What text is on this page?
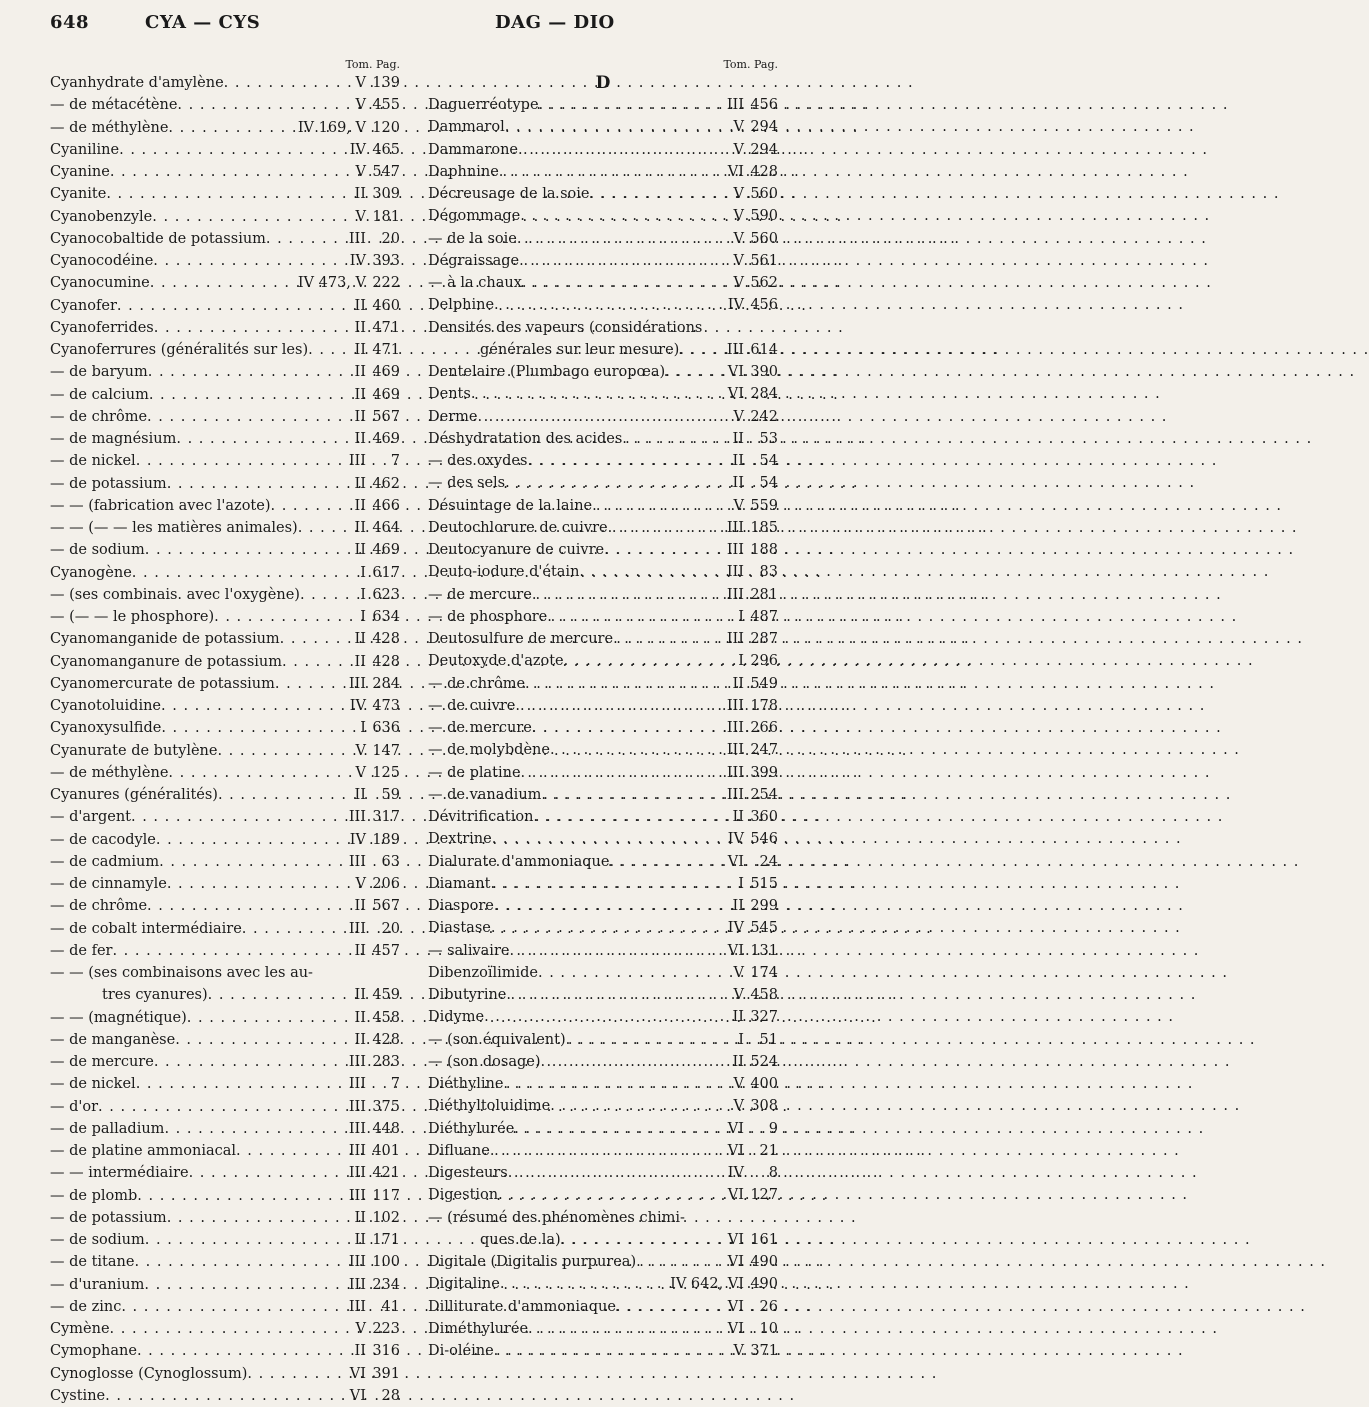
648	CYA — CYS	DAG — DIO
Tom. Pag.
Cyanhydrate d'amylène . . .	V 139
— de métacétène . . .	V 455
— de méthylène . . .	IV 169, V 120
Cyaniline . . .	IV 465
Cyanine . . .	V 547
Cyanite . . .	II 309
Cyanobenzyle . . .	V 181
Cyanocobaltide de potassium . . .	III	20
Cyanocodéine . . .	IV 393
Cyanocumine . . .	IV 473, V 222
Cyanofer . . .	II 460
Cyanoferrides . . .	II 471
Cyanoferrures (généralités sur les) . . .	II 471
— de baryum . . .	II 469
— de calcium . . .	II 469
— de chrôme . . .	II 567
— de magnésium . . .	II 469
— de nickel . . .	III	7
— de potassium . . .	II 462
— — (fabrication avec l'azote) . . .	II 466
— — (— — les matières animales) . . .	II 464
— de sodium . . .	II 469
Cyanogène . . .	I 617
— (ses combinais. avec l'oxygène) . . .	I 623
— (— — le phosphore) . . .	I 634
Cyanomanganide de potassium . . .	II 428
Cyanomanganure de potassium . . .	II 428
Cyanomercurate de potassium . . .	III 284
Cyanotoluidine . . .	IV 473
Cyanoxysulfide . . .	I 636
Cyanurate de butylène . . .	V 147
— de méthylène . . .	V 125
Cyanures (généralités) . . .	II	59
— d'argent . . .	III 317
— de cacodyle . . .	IV 189
— de cadmium . . .	III	63
— de cinnamyle . . .	V 206
— de chrôme . . .	II 567
— de cobalt intermédiaire . . .	III	20
— de fer . . .	II 457
— — (ses combinaisons avec les au-
tres cyanures) . . .	II 459
— — (magnétique) . . .	II 458
— de manganèse . . .	II 428
— de mercure . . .	III 283
— de nickel . . .	III	7
— d'or . . .	III 375
— de palladium . . .	III 448
— de platine ammoniacal . . .	III 401
— — intermédiaire . . .	III 421
— de plomb . . .	III 117
— de potassium . . .	II 102
— de sodium . . .	II 171
— de titane . . .	III 100
— d'uranium . . .	III 234
— de zinc . . .	III	41
Cymène . . .	V 223
Cymophane . . .	II 316
Cynoglosse (Cynoglossum) . . .	VI 391
Cystine . . .	VI	28
Tom. Pag.
D
Daguerréotype . . .	III 456
Dammarol . . .	V 294
Dammarone . . .	V 294
Daphnine . . .	VI 428
Décreusage de la soie . . .	V 560
Dégommage . . .	V 590
— de la soie . . .	V 560
Dégraissage . . .	V 561
— à la chaux . . .	V 562
Delphine . . .	IV 456
Densités des vapeurs (considérations
générales sur leur mesure) . . .	III 614
Dentelaire (Plumbago europœa) . . .	VI 390
Dents . . .	VI 284
Derme . . .	V 242
Déshydratation des acides . . .	II	53
— des oxydes . . .	II	54
— des sels . . .	II	54
Désuintage de la laine . . .	V 559
Deutochlorure de cuivre . . .	III 185
Deutocyanure de cuivre . . .	III 188
Deuto-iodure d'étain . . .	III	83
— de mercure . . .	III 281
— de phosphore . . .	I 487
Deutosulfure de mercure . . .	III 287
Deutoxyde d'azote . . .	I 296
— de chrôme . . .	II 549
— de cuivre . . .	III 178
— de mercure . . .	III 266
— de molybdène . . .	III 247
— de platine . . .	III 399
— de vanadium . . .	III 254
Dévitrification . . .	II 360
Dextrine . . .	IV 546
Dialurate d'ammoniaque . . .	VI	24
Diamant . . .	I 515
Diaspore . . .	II 299
Diastase . . .	IV 545
— salivaire . . .	VI 131
Dibenzoïlimide . . .	V 174
Dibutyrine . . .	V 458
Didyme . . .	II 327
— (son équivalent) . . .	I	51
— (son dosage) . . .	II 524
Diéthyline . . .	V 400
Diéthyltoluidime . . .	V 308
Diéthylurée . . .	VI	9
Difluane . . .	VI	21
Digesteurs . . .	IV	8
Digestion . . .	VI 127
— (résumé des phénomènes chimi-
ques de la) . . .	VI 161
Digitale (Digitalis purpurea) . . .	VI 490
Digitaline . . .	IV 642, VI 490
Dilliturate d'ammoniaque . . .	VI	26
Diméthylurée . . .	VI	10
Di-oléine . . .	V 371
